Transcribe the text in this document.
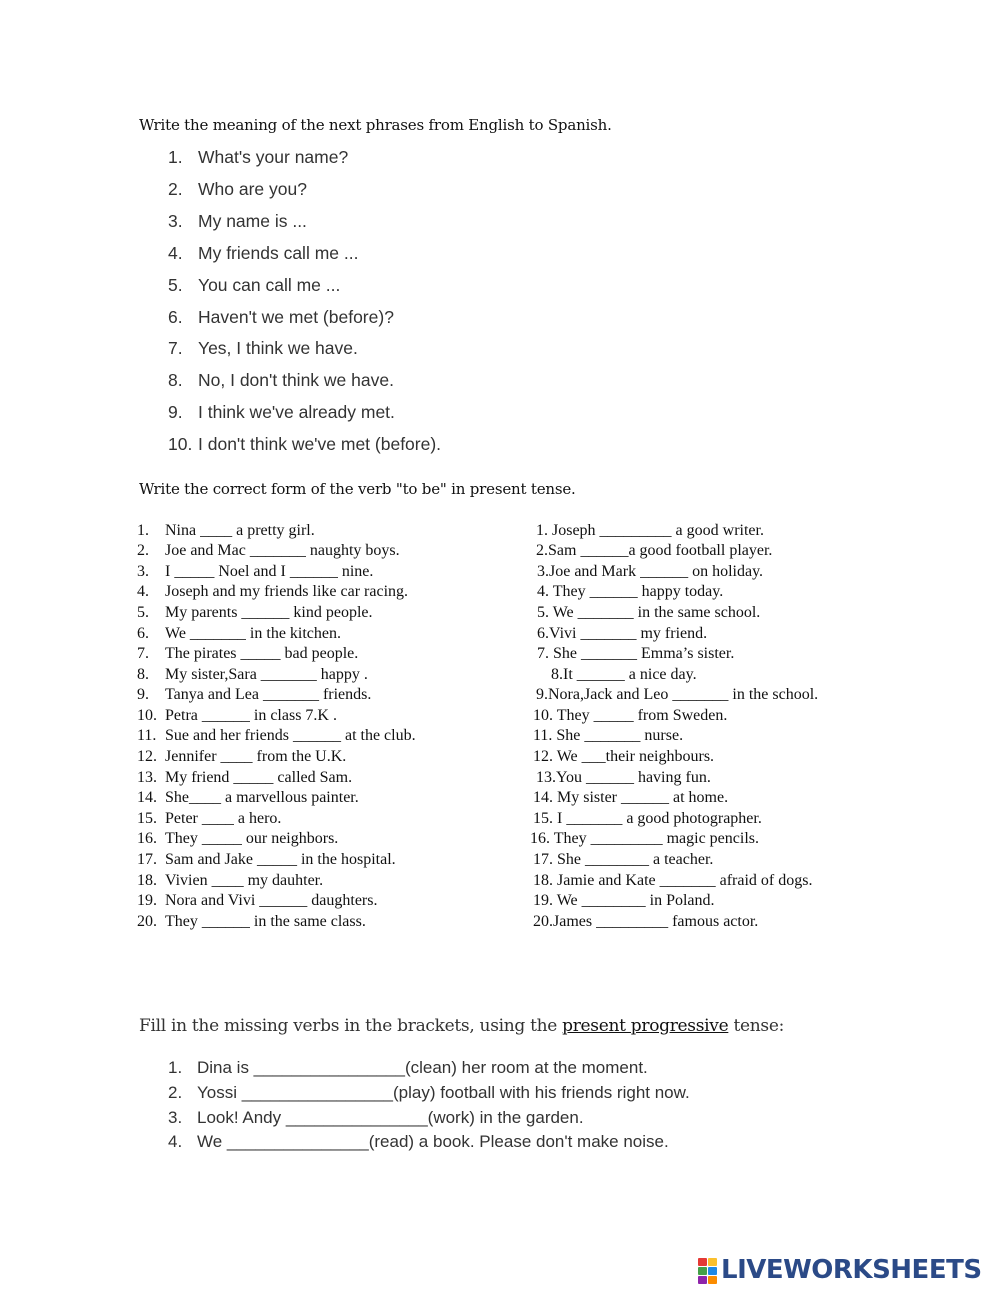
Write the meaning of the next phrases from English to Spanish.
1. What's your name?
2. Who are you?
3. My name is ...
4. My friends call me ...
5. You can call me ...
6. Haven't we met (before)?
7. Yes, I think we have.
8. No, I don't think we have.
9. I think we've already met.
10. I don't think we've met (before).
Write the correct form of the verb "to be" in present tense.
1. Nina ____ a pretty girl.
2. Joe and Mac _______ naughty boys.
3. I _____ Noel and I ______ nine.
4. Joseph and my friends like car racing.
5. My parents ______ kind people.
6. We _______ in the kitchen.
7. The pirates _____ bad people.
8. My sister,Sara _______ happy .
9. Tanya and Lea _______ friends.
10. Petra ______ in class 7.K .
11. Sue and her friends ______ at the club.
12. Jennifer ____ from the U.K.
13. My friend _____ called Sam.
14. She____ a marvellous painter.
15. Peter ____ a hero.
16. They _____ our neighbors.
17. Sam and Jake _____ in the hospital.
18. Vivien ____ my dauhter.
19. Nora and Vivi ______ daughters.
20. They ______ in the same class.
1. Joseph _________ a good writer.
2.Sam ______a good football player.
3.Joe and Mark ______ on holiday.
4. They ______ happy today.
5. We _______ in the same school.
6.Vivi _______ my friend.
7. She _______ Emma’s sister.
8.It ______ a nice day.
9.Nora,Jack and Leo _______ in the school.
10. They _____ from Sweden.
11. She _______ nurse.
12. We ___their neighbours.
13.You ______ having fun.
14. My sister ______ at home.
15. I _______ a good photographer.
16. They _________ magic pencils.
17. She ________ a teacher.
18. Jamie and Kate _______ afraid of dogs.
19. We ________ in Poland.
20.James _________ famous actor.
Fill in the missing verbs in the brackets, using the present progressive tense:
1. Dina is ________________(clean) her room at the moment.
2. Yossi ________________(play) football with his friends right now.
3. Look! Andy _______________(work) in the garden.
4. We _______________(read) a book. Please don't make noise.
LIVEWORKSHEETS
